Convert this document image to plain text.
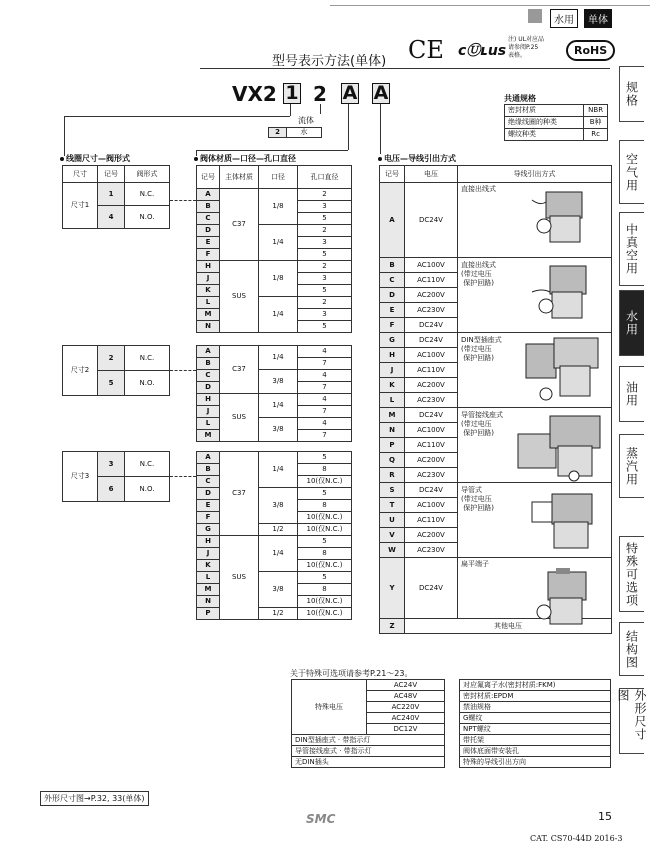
水用	单体
型号表示方法(单体) CE cⓊʟus
注) UL对应品
请参阅P.25
表格。	RoHS
规格
空气用
中真空用
水用
油用
蒸汽用
特殊可选项
结构图
外形尺寸图
VX2 1 2 A A
流体
2	水
共通规格
密封材质	NBR
绝缘线圈的种类	B种
螺纹种类	Rc
线圈尺寸—阀形式
尺寸	记号	阀形式
尺寸1	1	N.C.
	4	N.O.
尺寸2	2	N.C.
	5	N.O.
尺寸3	3	N.C.
	6	N.O.
阀体材质—口径—孔口直径
记号	主体材质	口径	孔口直径
A	C37	1/8	2
B			3
C			5
D		1/4	2
E			3
F			5
H	SUS	1/8	2
J			3
K			5
L		1/4	2
M			3
N			5
A	C37	1/4	4
B			7
C		3/8	4
D			7
H	SUS	1/4	4
J			7
L		3/8	4
M			7
A	C37	1/4	5
B			8
C			10(仅N.C.)
D		3/8	5
E			8
F			10(仅N.C.)
G		1/2	10(仅N.C.)
H	SUS	1/4	5
J			8
K			10(仅N.C.)
L		3/8	5
M			8
N			10(仅N.C.)
P		1/2	10(仅N.C.)
电压—导线引出方式
记号	电压	导线引出方式
A	DC24V	直接出线式

B	AC100V	直接出线式
(带过电压
保护回路)

C	AC110V	
D	AC200V	
E	AC230V	
F	DC24V	
G	DC24V	DIN型插座式
(带过电压
保护回路)

H	AC100V	
J	AC110V	
K	AC200V	
L	AC230V	
M	DC24V	导管接线座式
(带过电压
保护回路)

N	AC100V	
P	AC110V	
Q	AC200V	
R	AC230V	
S	DC24V	导管式
(带过电压
保护回路)

T	AC100V	
U	AC110V	
V	AC200V	
W	AC230V	
Y	DC24V	扁平端子

Z	其他电压	
关于特殊可选项请参考P.21～23。
特殊电压	AC24V
AC48V
AC220V
AC240V
DC12V
DIN型插座式 · 带指示灯
导管接线座式 · 带指示灯
无DIN插头
对应氟离子水(密封材质:FKM)
密封材质:EPDM
禁油规格
G螺纹
NPT螺纹
带托架
阀体底面带安装孔
特殊的导线引出方向
外形尺寸图→P.32, 33(单体)
15
SMC
CAT. CS70-44D 2016-3
